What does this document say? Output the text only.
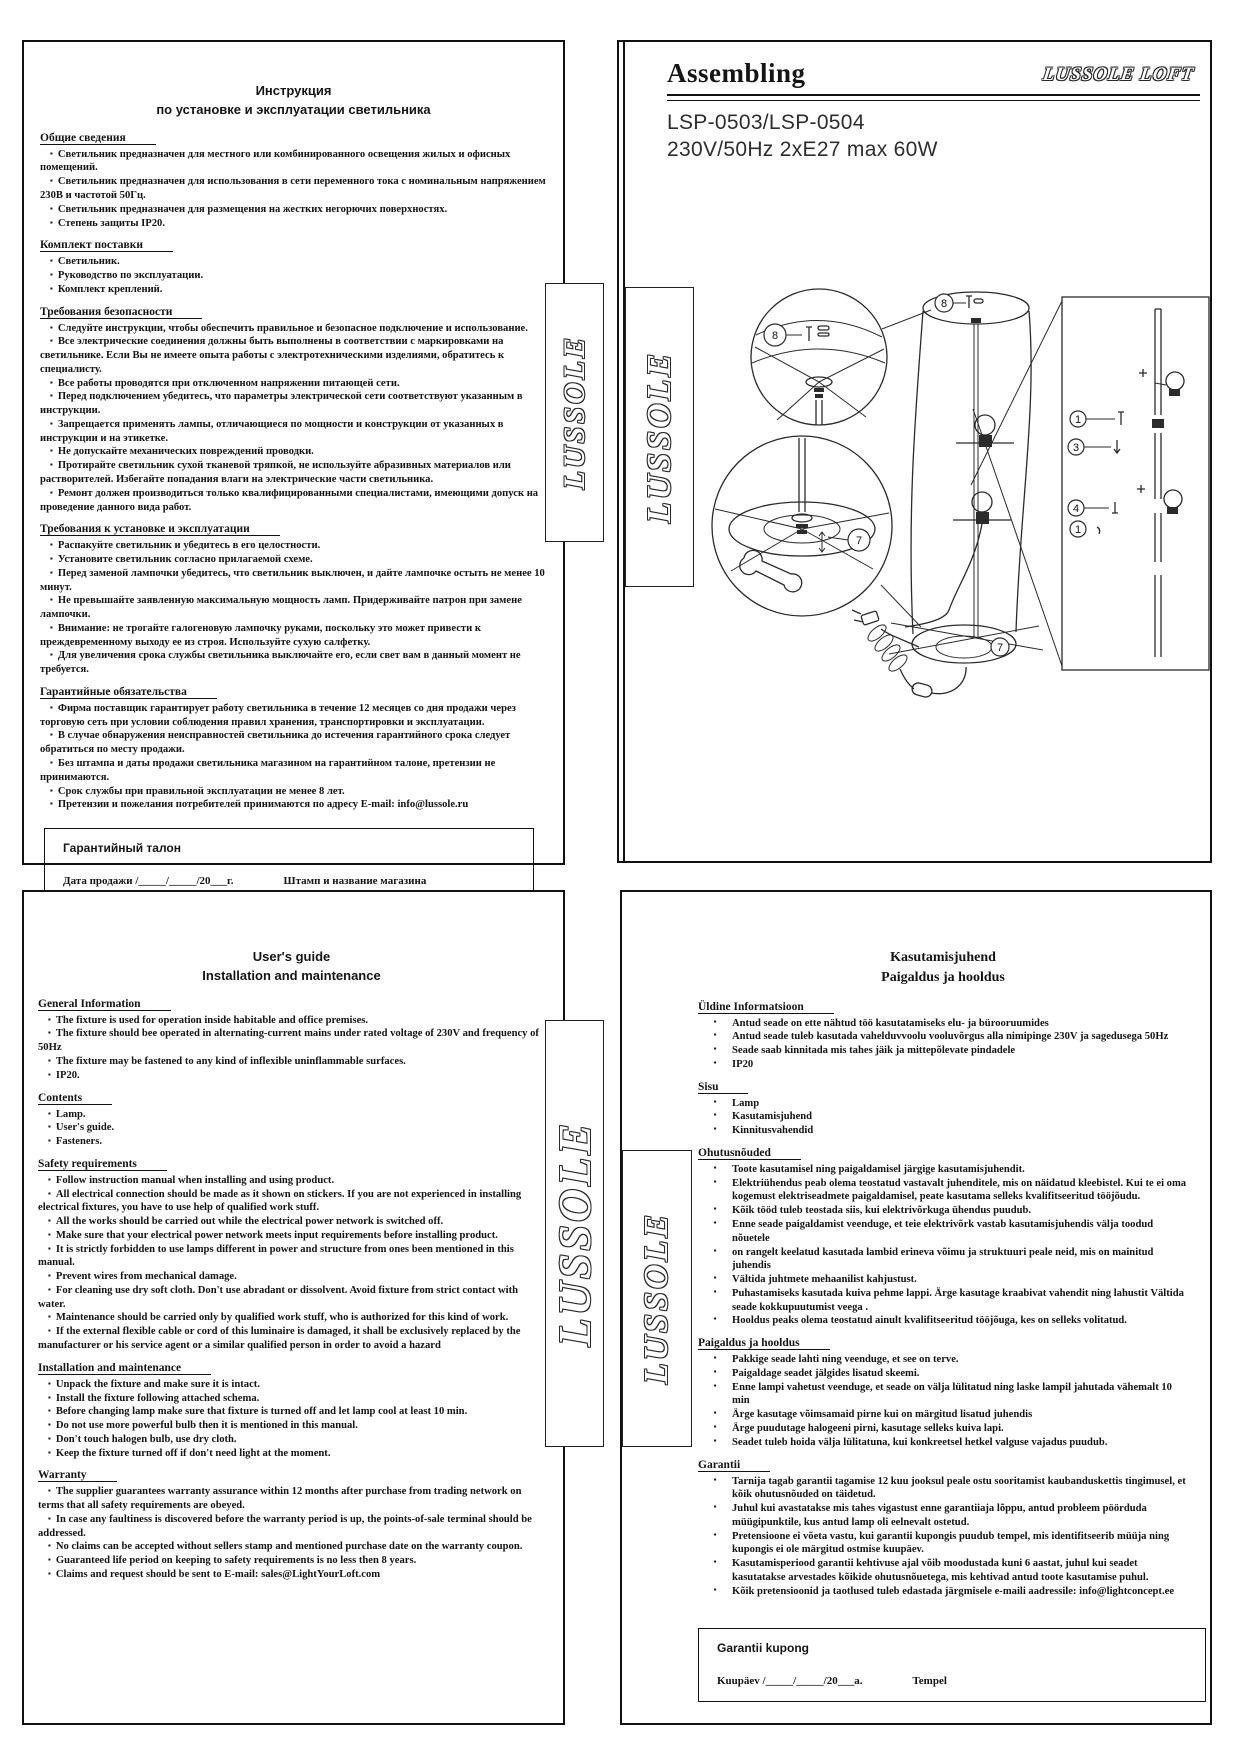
Инструкция
по установке и эксплуатации светильника
Общие сведения
▪ Светильник предназначен для местного или комбинированного освещения жилых и офисных помещений.
▪ Светильник предназначен для использования в сети переменного тока с номинальным напряжением 230В и частотой 50Гц.
▪ Светильник предназначен для размещения на жестких негорючих поверхностях.
▪ Степень защиты IP20.
Комплект поставки
▪ Светильник.
▪ Руководство по эксплуатации.
▪ Комплект креплений.
Требования безопасности
▪ Следуйте инструкции, чтобы обеспечить правильное и безопасное подключение и использование.
▪ Все электрические соединения должны быть выполнены в соответствии с маркировками на светильнике. Если Вы не имеете опыта работы с электротехническими изделиями, обратитесь к специалисту.
▪ Все работы проводятся при отключенном напряжении питающей сети.
▪ Перед подключением убедитесь, что параметры электрической сети соответствуют указанным в инструкции.
▪ Запрещается применять лампы, отличающиеся по мощности и конструкции от указанных в инструкции и на этикетке.
▪ Не допускайте механических повреждений проводки.
▪ Протирайте светильник сухой тканевой тряпкой, не используйте абразивных материалов или растворителей. Избегайте попадания влаги на электрические части светильника.
▪ Ремонт должен производиться только квалифицированными специалистами, имеющими допуск на проведение данного вида работ.
Требования к установке и эксплуатации
▪ Распакуйте светильник и убедитесь в его целостности.
▪ Установите светильник согласно прилагаемой схеме.
▪ Перед заменой лампочки убедитесь, что светильник выключен, и дайте лампочке остыть не менее 10 минут.
▪ Не превышайте заявленную максимальную мощность ламп. Придерживайте патрон при замене лампочки.
▪ Внимание: не трогайте галогеновую лампочку руками, поскольку это может привести к преждевременному выходу ее из строя. Используйте сухую салфетку.
▪ Для увеличения срока службы светильника выключайте его, если свет вам в данный момент не требуется.
Гарантийные обязательства
▪ Фирма поставщик гарантирует работу светильника в течение 12 месяцев со дня продажи через торговую сеть при условии соблюдения правил хранения, транспортировки и эксплуатации.
▪ В случае обнаружения неисправностей светильника до истечения гарантийного срока следует обратиться по месту продажи.
▪ Без штампа и даты продажи светильника магазином на гарантийном талоне, претензии не принимаются.
▪ Срок службы при правильной эксплуатации не менее 8 лет.
▪ Претензии и пожелания потребителей принимаются по адресу E-mail: info@lussole.ru
Гарантийный талон
Дата продажи /_____/_____/20___г.	Штамп и название магазина
Assembling	LUSSOLE LOFT
LSP-0503/LSP-0504
230V/50Hz 2xE27 max 60W
8
7
8
7
1
3
4
1
User's guide
Installation and maintenance
General Information
▪ The fixture is used for operation inside habitable and office premises.
▪ The fixture should bee operated in alternating-current mains under rated voltage of 230V and frequency of 50Hz
▪ The fixture may be fastened to any kind of inflexible uninflammable surfaces.
▪ IP20.
Contents
▪ Lamp.
▪ User's guide.
▪ Fasteners.
Safety requirements
▪ Follow instruction manual when installing and using product.
▪ All electrical connection should be made as it shown on stickers. If you are not experienced in installing electrical fixtures, you have to use help of qualified work stuff.
▪ All the works should be carried out while the electrical power network is switched off.
▪ Make sure that your electrical power network meets input requirements before installing product.
▪ It is strictly forbidden to use lamps different in power and structure from ones been mentioned in this manual.
▪ Prevent wires from mechanical damage.
▪ For cleaning use dry soft cloth. Don't use abradant or dissolvent. Avoid fixture from strict contact with water.
▪ Maintenance should be carried only by qualified work stuff, who is authorized for this kind of work.
▪ If the external flexible cable or cord of this luminaire is damaged, it shall be exclusively replaced by the manufacturer or his service agent or a similar qualified person in order to avoid a hazard
Installation and maintenance
▪ Unpack the fixture and make sure it is intact.
▪ Install the fixture following attached schema.
▪ Before changing lamp make sure that fixture is turned off and let lamp cool at least 10 min.
▪ Do not use more powerful bulb then it is mentioned in this manual.
▪ Don't touch halogen bulb, use dry cloth.
▪ Keep the fixture turned off if don't need light at the moment.
Warranty
▪ The supplier guarantees warranty assurance within 12 months after purchase from trading network on terms that all safety requirements are obeyed.
▪ In case any faultiness is discovered before the warranty period is up, the points-of-sale terminal should be addressed.
▪ No claims can be accepted without sellers stamp and mentioned purchase date on the warranty coupon.
▪ Guaranteed life period on keeping to safety requirements is no less then 8 years.
▪ Claims and request should be sent to E-mail: sales@LightYourLoft.com
Kasutamisjuhend
Paigaldus ja hooldus
Üldine Informatsioon
▪	Antud seade on ette nähtud töö kasutatamiseks elu- ja bürooruumides
▪	Antud seade tuleb kasutada vahelduvvoolu vooluvõrgus alla nimipinge 230V ja sagedusega 50Hz
▪	Seade saab kinnitada mis tahes jäik ja mittepõlevate pindadele
▪	IP20
Sisu
▪	Lamp
▪	Kasutamisjuhend
▪	Kinnitusvahendid
Ohutusnõuded
▪	Toote kasutamisel ning paigaldamisel järgige kasutamisjuhendit.
▪	Elektriühendus peab olema teostatud vastavalt juhenditele, mis on näidatud kleebistel. Kui te ei oma kogemust elektriseadmete paigaldamisel, peate kasutama selleks kvalifitseeritud tööjõudu.
▪	Kõik tööd tuleb teostada siis, kui elektrivõrkuga ühendus puudub.
▪	Enne seade paigaldamist veenduge, et teie elektrivõrk vastab kasutamisjuhendis välja toodud nõuetele
▪	on rangelt keelatud kasutada lambid erineva võimu ja struktuuri peale neid, mis on mainitud juhendis
▪	Vältida juhtmete mehaanilist kahjustust.
▪	Puhastamiseks kasutada kuiva pehme lappi. Ärge kasutage kraabivat vahendit ning lahustit Vältida seade kokkupuutumist veega .
▪	Hooldus peaks olema teostatud ainult kvalifitseeritud tööjõuga, kes on selleks volitatud.
Paigaldus ja hooldus
▪	Pakkige seade lahti ning veenduge, et see on terve.
▪	Paigaldage seadet jälgides lisatud skeemi.
▪	Enne lampi vahetust veenduge, et seade on välja lülitatud ning laske lampil jahutada vähemalt 10 min
▪	Ärge kasutage võimsamaid pirne kui on märgitud lisatud juhendis
▪	Ärge puudutage halogeeni pirni, kasutage selleks kuiva lapi.
▪	Seadet tuleb hoida välja lülitatuna, kui konkreetsel hetkel valguse vajadus puudub.
Garantii
▪	Tarnija tagab garantii tagamise 12 kuu jooksul peale ostu sooritamist kaubanduskettis tingimusel, et kõik ohutusnõuded on täidetud.
▪	Juhul kui avastatakse mis tahes vigastust enne garantiiaja lõppu, antud probleem pöörduda müügipunktile, kus antud lamp oli eelnevalt ostetud.
▪	Pretensioone ei võeta vastu, kui garantii kupongis puudub tempel, mis identifitseerib müüja ning kupongis ei ole märgitud ostmise kuupäev.
▪	Kasutamisperiood garantii kehtivuse ajal võib moodustada kuni 6 aastat, juhul kui seadet kasutatakse arvestades kõikide ohutusnõuetega, mis kehtivad antud toote kasutamise puhul.
▪	Kõik pretensioonid ja taotlused tuleb edastada järgmisele e-maili aadressile: info@lightconcept.ee
Garantii kupong
Kuupäev /_____/_____/20___a.	Tempel
LUSSOLE LUSSOLE
LUSSOLE LUSSOLE
